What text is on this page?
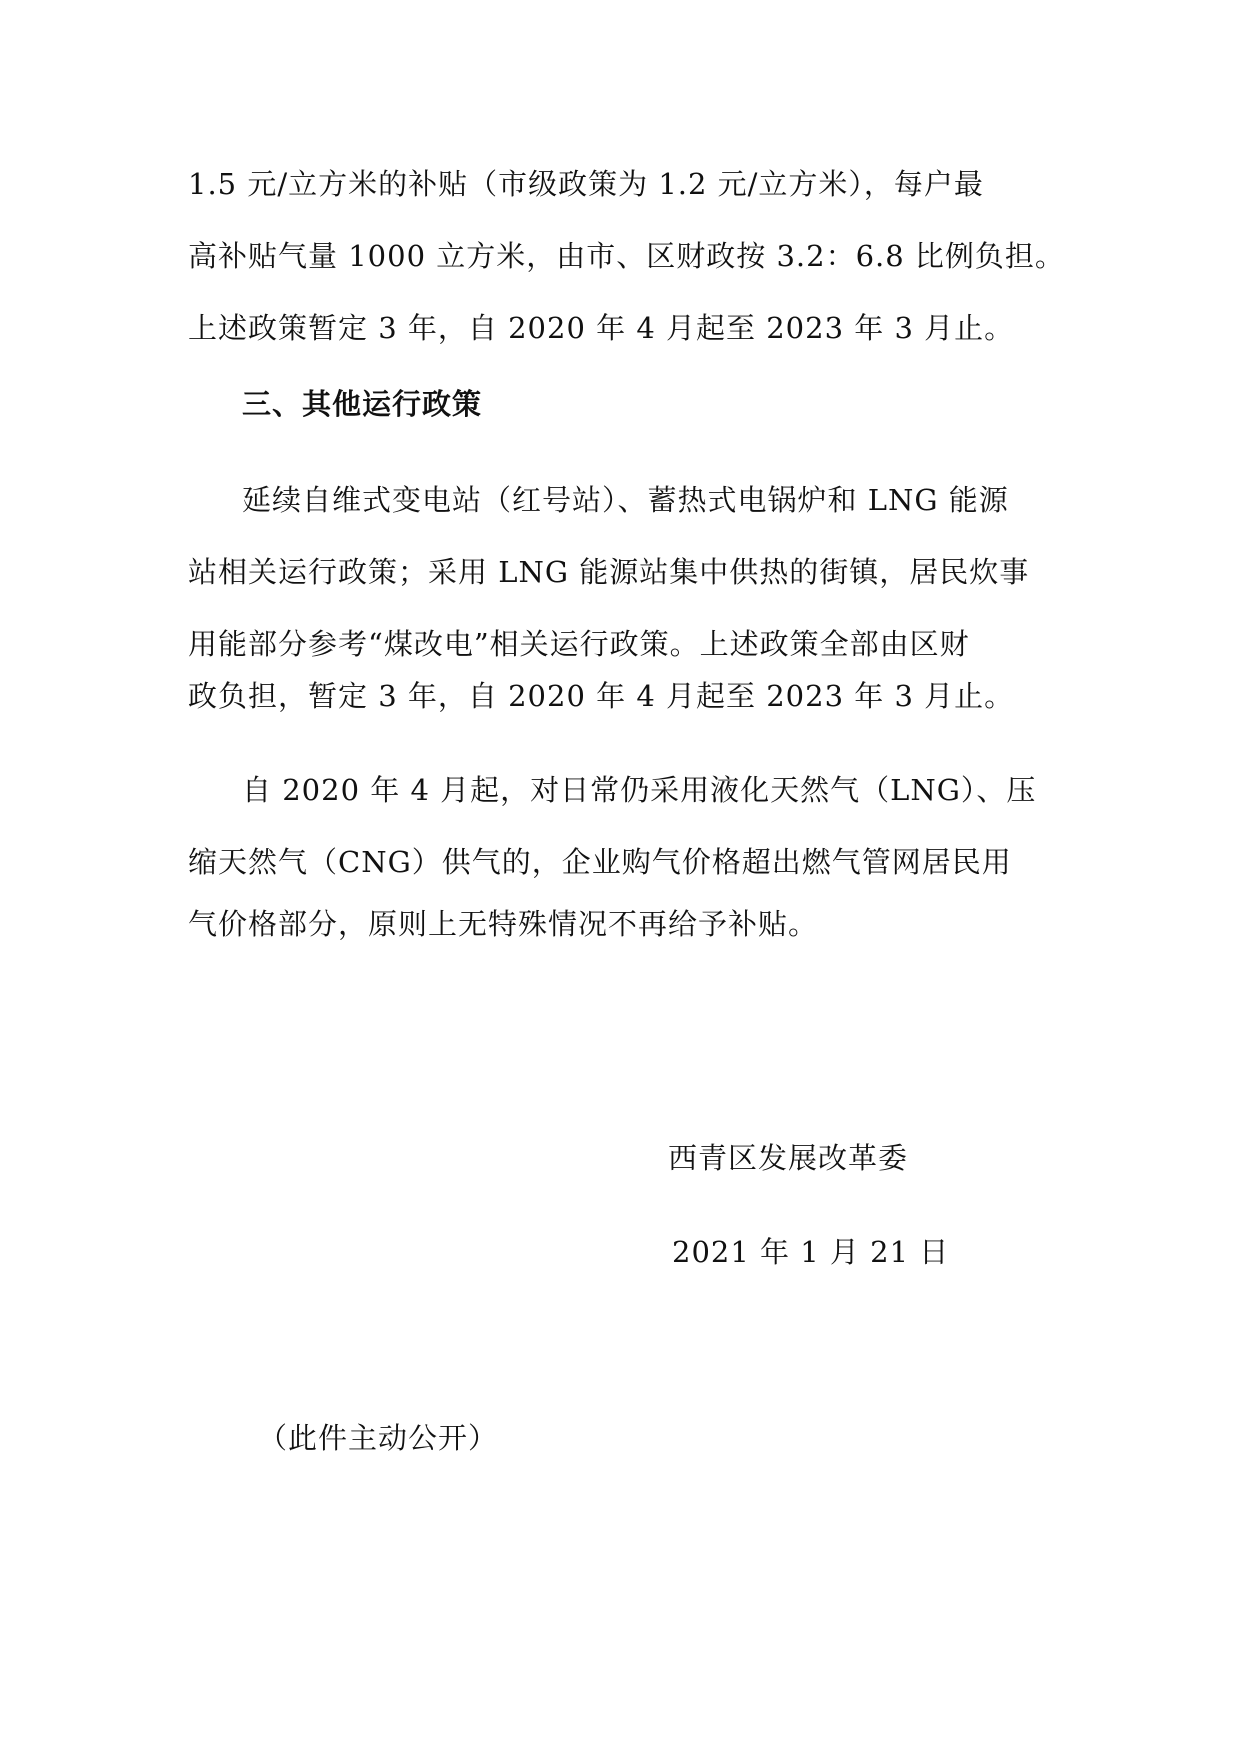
1.5 元/立方米的补贴（市级政策为 1.2 元/立方米），每户最
高补贴气量 1000 立方米，由市、区财政按 3.2：6.8 比例负担。
上述政策暂定 3 年，自 2020 年 4 月起至 2023 年 3 月止。
三、其他运行政策
延续自维式变电站（红号站）、蓄热式电锅炉和 LNG 能源
站相关运行政策；采用 LNG 能源站集中供热的街镇，居民炊事
用能部分参考“煤改电”相关运行政策。上述政策全部由区财
政负担，暂定 3 年，自 2020 年 4 月起至 2023 年 3 月止。
自 2020 年 4 月起，对日常仍采用液化天然气（LNG）、压
缩天然气（CNG）供气的，企业购气价格超出燃气管网居民用
气价格部分，原则上无特殊情况不再给予补贴。
西青区发展改革委
2021 年 1 月 21 日
（此件主动公开）
